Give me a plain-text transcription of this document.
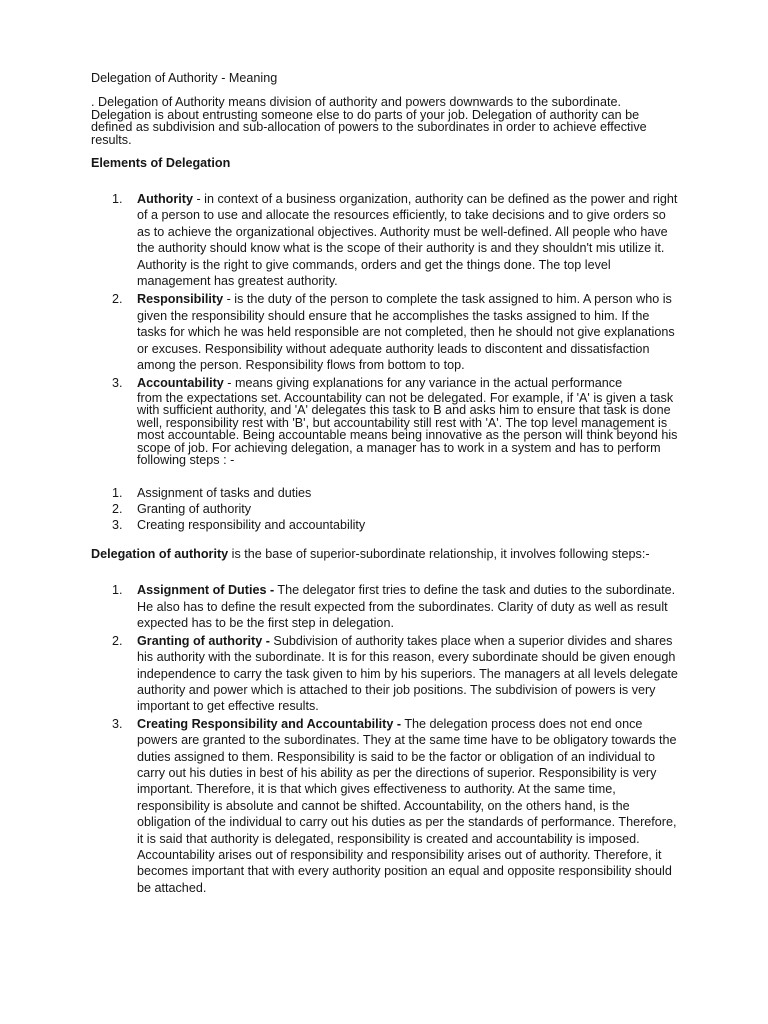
Delegation of Authority - Meaning
. Delegation of Authority means division of authority and powers downwards to the subordinate. Delegation is about entrusting someone else to do parts of your job. Delegation of authority can be defined as subdivision and sub-allocation of powers to the subordinates in order to achieve effective results.
Elements of Delegation
1. Authority - in context of a business organization, authority can be defined as the power and right of a person to use and allocate the resources efficiently, to take decisions and to give orders so as to achieve the organizational objectives. Authority must be well-defined. All people who have the authority should know what is the scope of their authority is and they shouldn't mis utilize it. Authority is the right to give commands, orders and get the things done. The top level management has greatest authority.
2. Responsibility - is the duty of the person to complete the task assigned to him. A person who is given the responsibility should ensure that he accomplishes the tasks assigned to him. If the tasks for which he was held responsible are not completed, then he should not give explanations or excuses. Responsibility without adequate authority leads to discontent and dissatisfaction among the person. Responsibility flows from bottom to top.
3. Accountability - means giving explanations for any variance in the actual performance
from the expectations set. Accountability can not be delegated. For example, if 'A' is given a task with sufficient authority, and 'A' delegates this task to B and asks him to ensure that task is done well, responsibility rest with 'B', but accountability still rest with 'A'. The top level management is most accountable. Being accountable means being innovative as the person will think beyond his scope of job. For achieving delegation, a manager has to work in a system and has to perform following steps : -
1. Assignment of tasks and duties
2. Granting of authority
3. Creating responsibility and accountability
Delegation of authority is the base of superior-subordinate relationship, it involves following steps:-
1. Assignment of Duties - The delegator first tries to define the task and duties to the subordinate. He also has to define the result expected from the subordinates. Clarity of duty as well as result expected has to be the first step in delegation.
2. Granting of authority - Subdivision of authority takes place when a superior divides and shares his authority with the subordinate. It is for this reason, every subordinate should be given enough independence to carry the task given to him by his superiors. The managers at all levels delegate authority and power which is attached to their job positions. The subdivision of powers is very important to get effective results.
3. Creating Responsibility and Accountability - The delegation process does not end once powers are granted to the subordinates. They at the same time have to be obligatory towards the duties assigned to them. Responsibility is said to be the factor or obligation of an individual to carry out his duties in best of his ability as per the directions of superior. Responsibility is very important. Therefore, it is that which gives effectiveness to authority. At the same time, responsibility is absolute and cannot be shifted. Accountability, on the others hand, is the obligation of the individual to carry out his duties as per the standards of performance. Therefore, it is said that authority is delegated, responsibility is created and accountability is imposed. Accountability arises out of responsibility and responsibility arises out of authority. Therefore, it becomes important that with every authority position an equal and opposite responsibility should be attached.
